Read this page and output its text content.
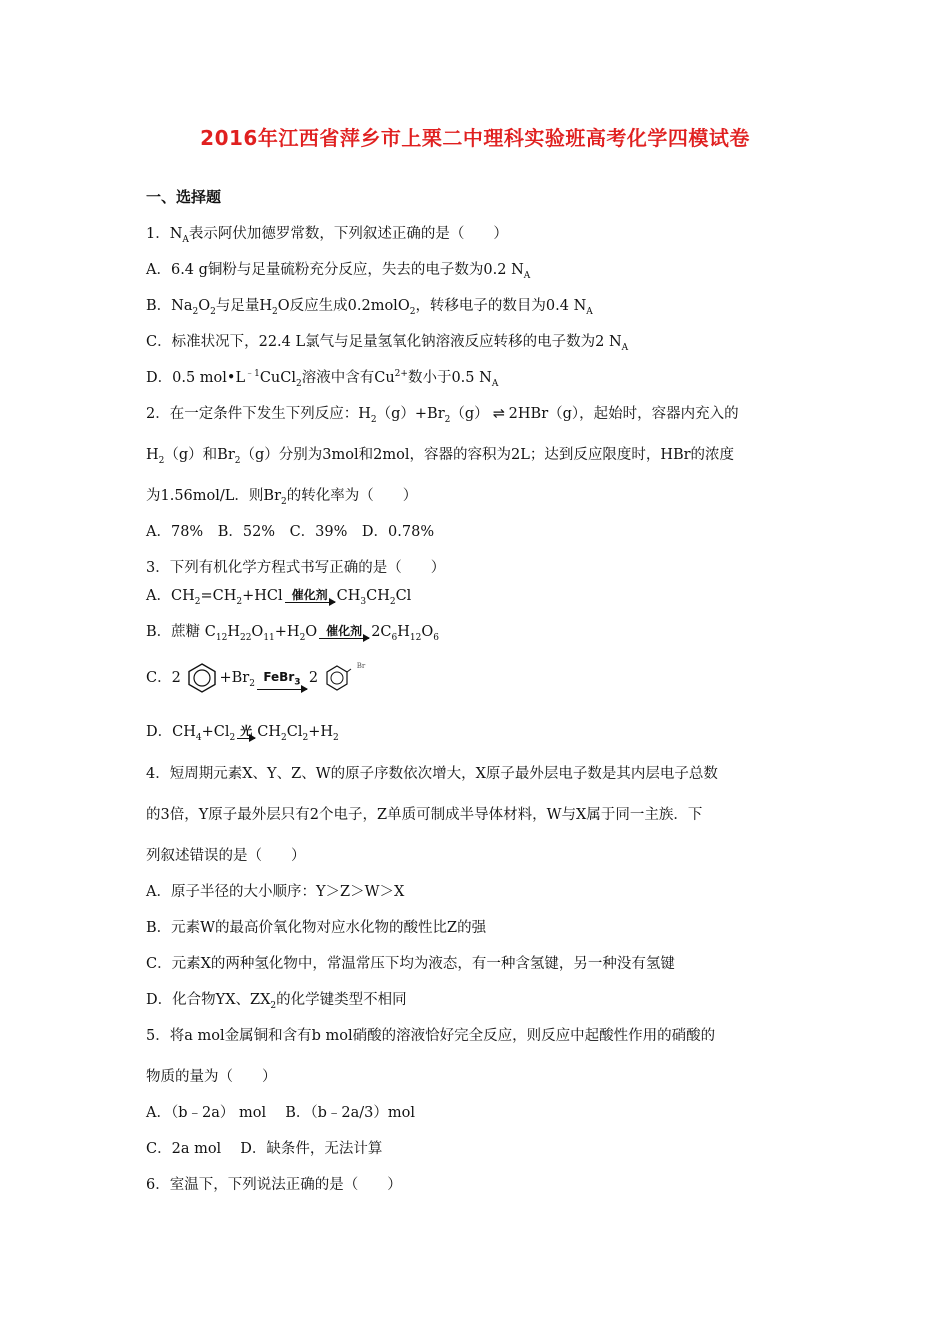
2016年江西省萍乡市上栗二中理科实验班高考化学四模试卷
一、选择题
1．$N_A$表示阿伏加德罗常数，下列叙述正确的是（　　）
A．6.4 g铜粉与足量硫粉充分反应，失去的电子数为0.2 $N_A$
B．$Na_2O_2$与足量$H_2O$反应生成0.2molO$_2$，转移电子的数目为0.4 $N_A$
C．标准状况下，22.4 L氯气与足量氢氧化钠溶液反应转移的电子数为2 $N_A$
D．0.5 $mol•L^{﹣1}CuCl_2$溶液中含有$Cu^{2+}$数小于0.5 $N_A$
2．在一定条件下发生下列反应：$H_2(g)+Br_2(g)$ ⇌ 2HBr（g），起始时，容器内充入的
$H_2(g)$和$Br_2(g)$分别为3mol和2mol，容器的容积为2L；达到反应限度时，HBr的浓度
为1.56mol/L．则$Br_2$的转化率为（　　）
A．78%　B．52%　C．39%　D．0.78%
3．下列有机化学方程式书写正确的是（　　）
A．$CH_2=CH_2+HCl$ 催化剂 $CH_3CH_2Cl$
B．蔗糖 $C_{12}H_{22}O_{11}+H_2O$ 催化剂 $2C_6H_{12}O_6$
C．2	$+Br_2$
FeBr$_3$ 2 $^{Br}$
D．$CH_4+Cl_2$ 光 $CH_2Cl_2+H_2$
4．短周期元素X、Y、Z、W的原子序数依次增大，X原子最外层电子数是其内层电子总数
的3倍，Y原子最外层只有2个电子，Z单质可制成半导体材料，W与X属于同一主族．下
列叙述错误的是（　　）
A．原子半径的大小顺序：Y＞Z＞W＞X
B．元素W的最高价氧化物对应水化物的酸性比Z的强
C．元素X的两种氢化物中，常温常压下均为液态，有一种含氢键，另一种没有氢键
D．化合物YX、$ZX_2$的化学键类型不相同
5．将a mol金属铜和含有b mol硝酸的溶液恰好完全反应，则反应中起酸性作用的硝酸的
物质的量为（　　）
A．（b﹣2a） mol　 B．（b﹣2a/3）mol
C．2a mol　 D．缺条件，无法计算
6．室温下，下列说法正确的是（　　）
